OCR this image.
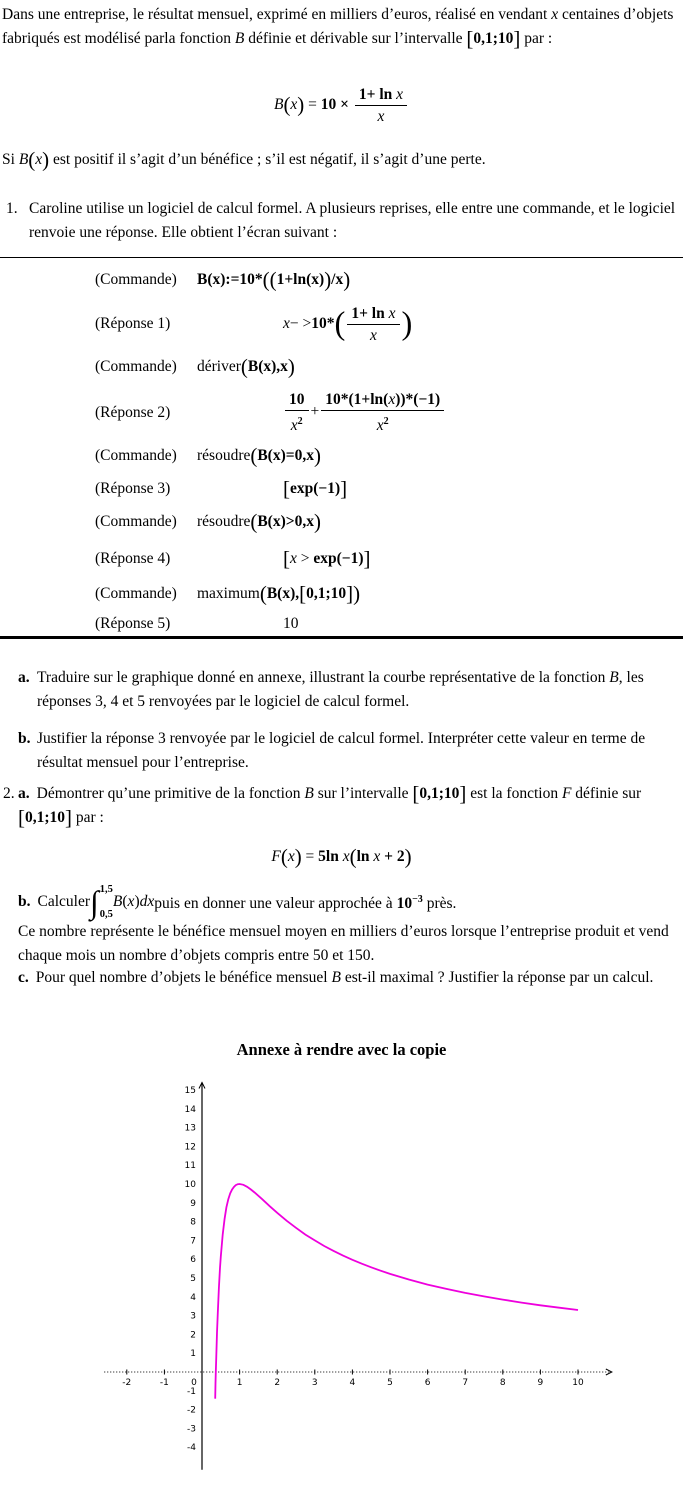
Dans une entreprise, le résultat mensuel, exprimé en milliers d’euros, réalisé en vendant x centaines d’objets fabriqués est modélisé parla fonction B définie et dérivable sur l’intervalle [0,1;10] par :
$B(x) = 10 \times \frac{\text{1+ ln x}}{x}$
Si B(x) est positif il s’agit d’un bénéfice ; s’il est négatif, il s’agit d’une perte.
1. Caroline utilise un logiciel de calcul formel. A plusieurs reprises, elle entre une commande, et le logiciel renvoie une réponse. Elle obtient l’écran suivant :
(Commande)	B(x):=10*((1+ln(x))/x)
(Réponse 1)	$x- >10*( \frac{\text{1+ ln x}}{x}$ )
(Commande)	dériver(B(x),x)
(Réponse 2)	$\frac{10}{x^2} + \frac{10*(1+\ln(x))*(-1)}{x^2}$
(Commande)	résoudre(B(x)=0,x)
(Réponse 3)	[exp(−1)]
(Commande)	résoudre(B(x)>0,x)
(Réponse 4)	[x > exp(−1)]
(Commande)	maximum(B(x),[0,1;10])
(Réponse 5)	10
a. Traduire sur le graphique donné en annexe, illustrant la courbe représentative de la fonction B, les réponses 3, 4 et 5 renvoyées par le logiciel de calcul formel.
b. Justifier la réponse 3 renvoyée par le logiciel de calcul formel. Interpréter cette valeur en terme de résultat mensuel pour l’entreprise.
2. a. Démontrer qu’une primitive de la fonction B sur l’intervalle [0,1;10] est la fonction F définie sur [0,1;10] par :
F(x) = 5ln x(ln x + 2)
b. Calculer ∫ 1,5
0,5
B(x)dx puis en donner une valeur approchée à $10^{-3}$ près.
Ce nombre représente le bénéfice mensuel moyen en milliers d’euros lorsque l’entreprise produit et vend chaque mois un nombre d’objets compris entre 50 et 150.
c. Pour quel nombre d’objets le bénéfice mensuel B est-il maximal ? Justifier la réponse par un calcul.
Annexe à rendre avec la copie
-2	-1 0	1	2	3	4	5	6	7	8	9	10
15
14
13
12
11
10
9
8
7
6
5
4
3
2
1
-1
-2
-3
-4
